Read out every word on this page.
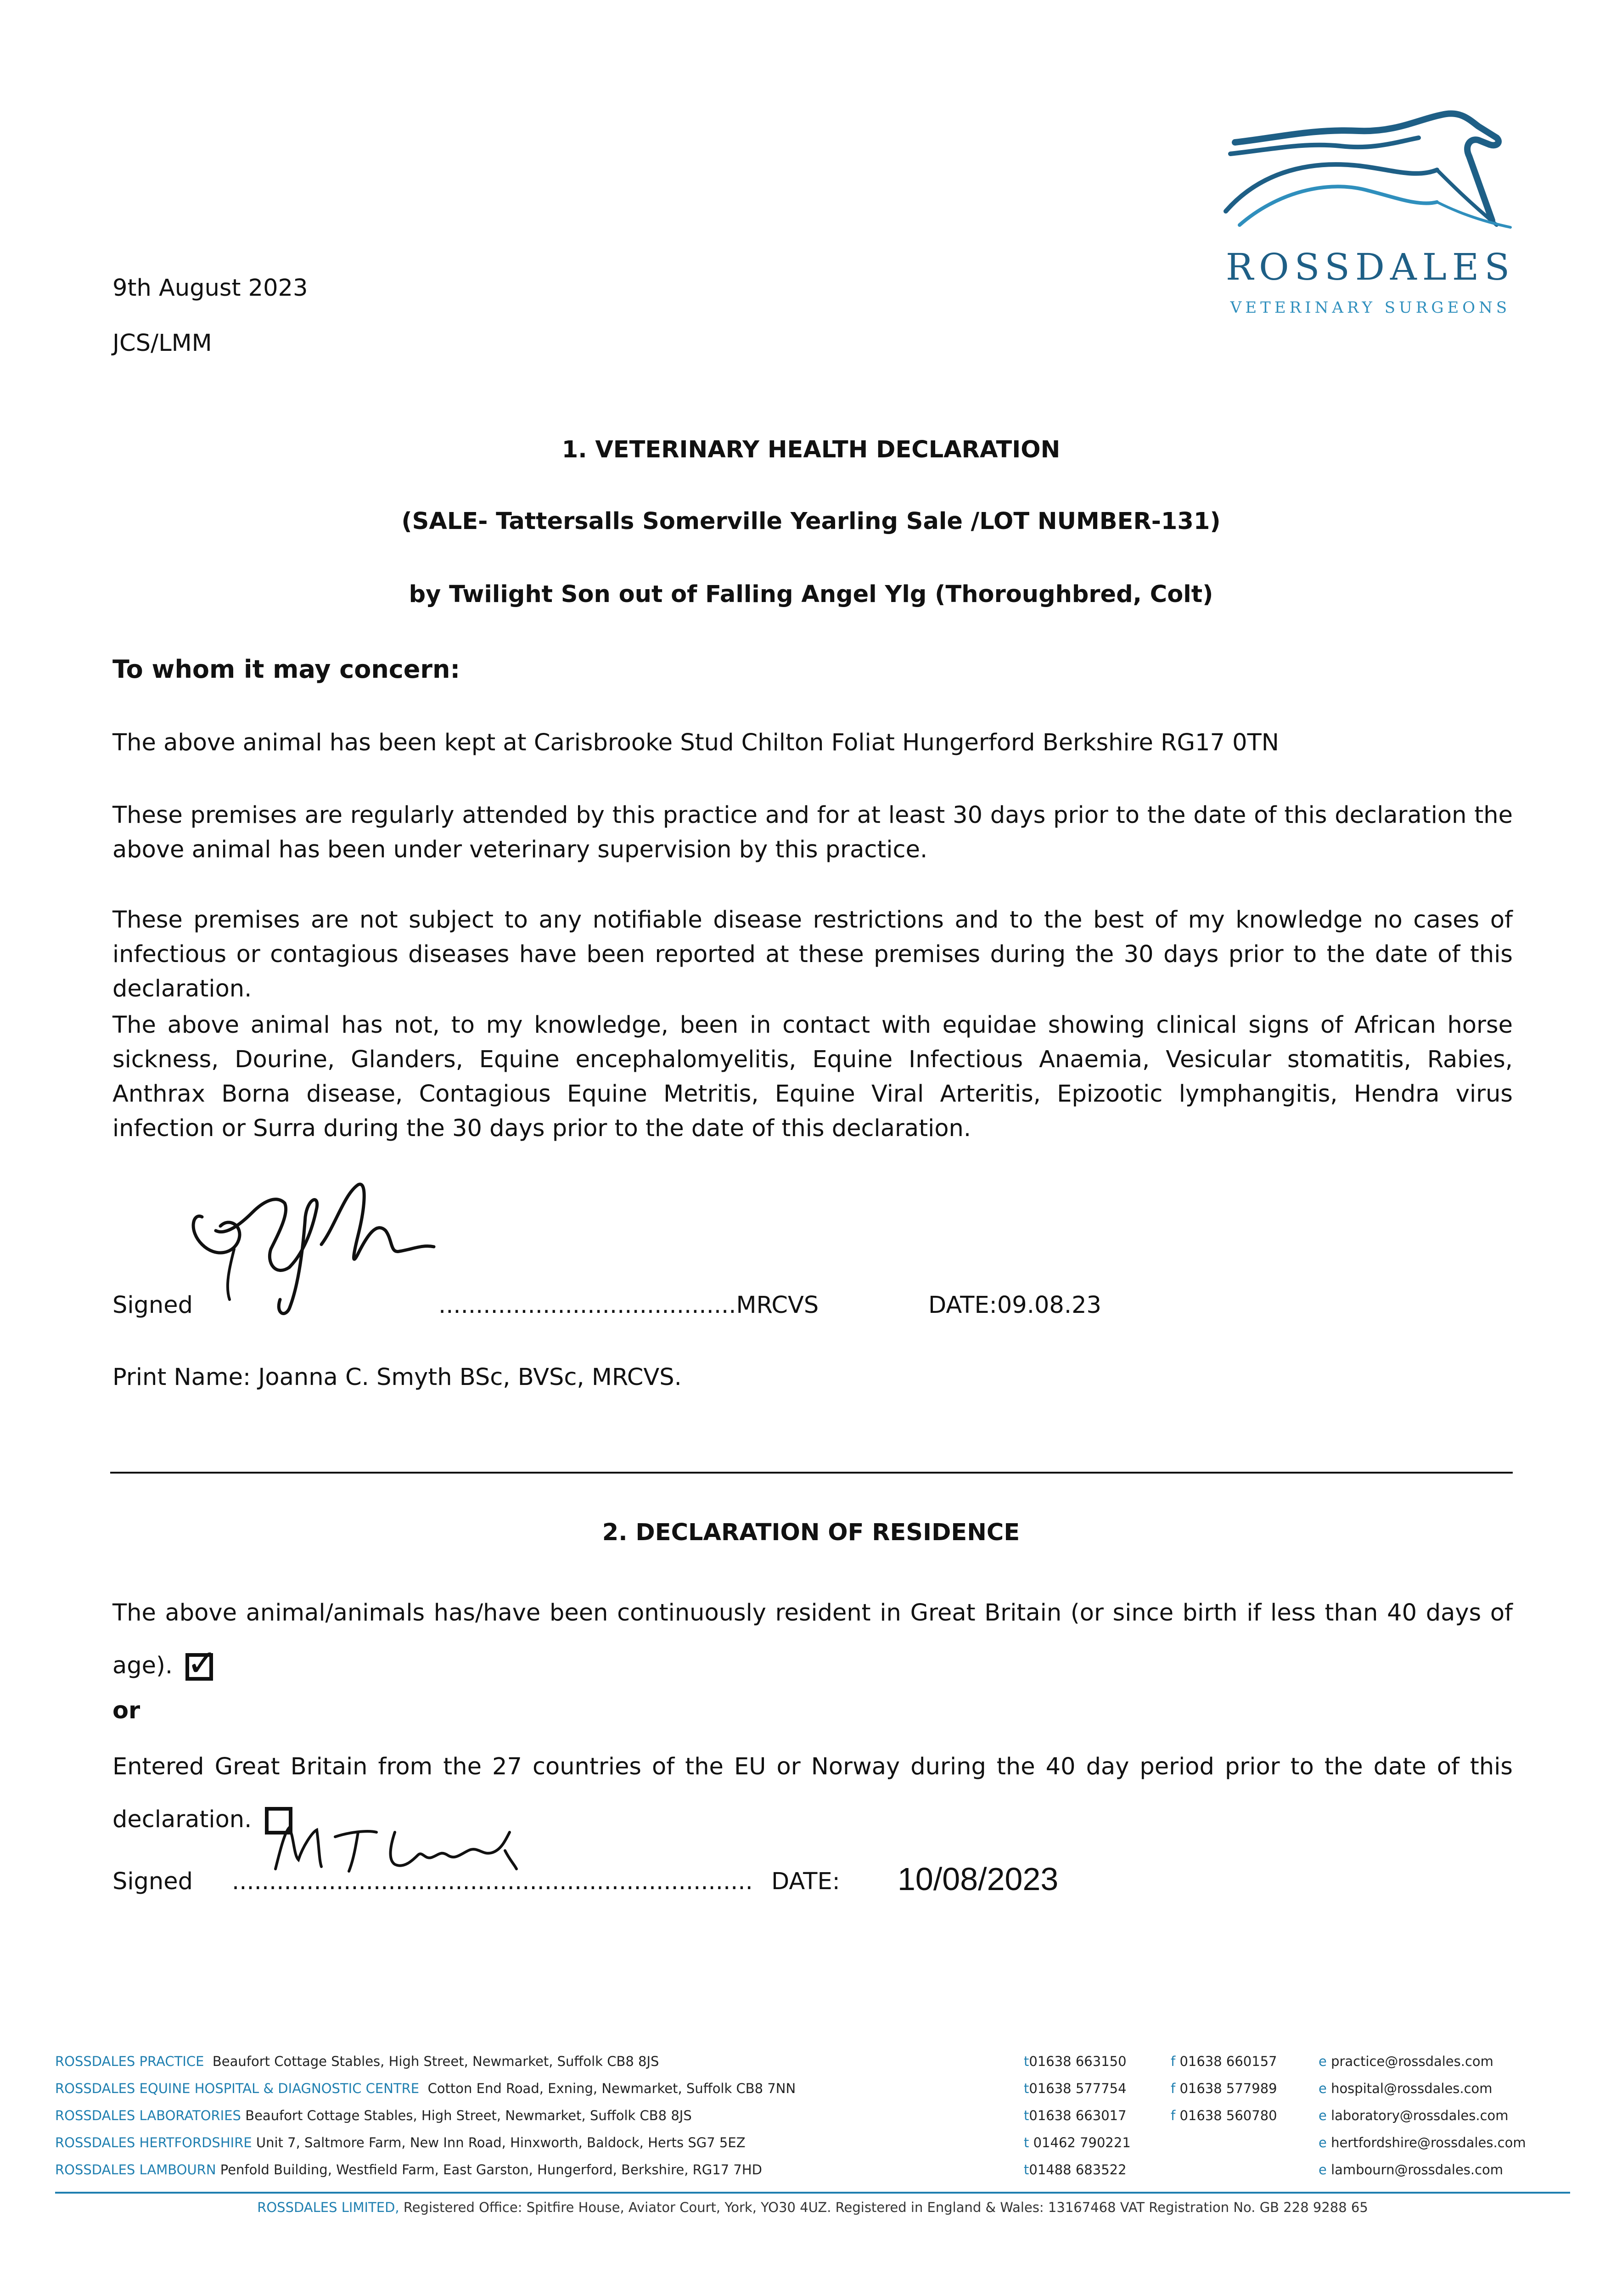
ROSSDALES
VETERINARY SURGEONS
9th August 2023
JCS/LMM
1. VETERINARY HEALTH DECLARATION
(SALE- Tattersalls Somerville Yearling Sale /LOT NUMBER-131)
by Twilight Son out of Falling Angel Ylg (Thoroughbred, Colt)
To whom it may concern:
The above animal has been kept at Carisbrooke Stud Chilton Foliat Hungerford Berkshire RG17 0TN
These premises are regularly attended by this practice and for at least 30 days prior to the date of this declaration the above animal has been under veterinary supervision by this practice.
These premises are not subject to any notifiable disease restrictions and to the best of my knowledge no cases of infectious or contagious diseases have been reported at these premises during the 30 days prior to the date of this declaration.
The above animal has not, to my knowledge, been in contact with equidae showing clinical signs of African horse sickness, Dourine, Glanders, Equine encephalomyelitis, Equine Infectious Anaemia, Vesicular stomatitis, Rabies, Anthrax Borna disease, Contagious Equine Metritis, Equine Viral Arteritis, Epizootic lymphangitis, Hendra virus infection or Surra during the 30 days prior to the date of this declaration.
Signed	........................................MRCVS	DATE:09.08.23
Print Name: Joanna C. Smyth BSc, BVSc, MRCVS.
2. DECLARATION OF RESIDENCE
The above animal/animals has/have been continuously resident in Great Britain (or since birth if less than 40 days of age). ✓
or
Entered Great Britain from the 27 countries of the EU or Norway during the 40 day period prior to the date of this declaration.
Signed ...................................................................... DATE: 10/08/2023
ROSSDALES PRACTICE Beaufort Cottage Stables, High Street, Newmarket, Suffolk CB8 8JS	t01638 663150	f 01638 660157	e practice@rossdales.com
ROSSDALES EQUINE HOSPITAL & DIAGNOSTIC CENTRE Cotton End Road, Exning, Newmarket, Suffolk CB8 7NN	t01638 577754	f 01638 577989	e hospital@rossdales.com
ROSSDALES LABORATORIES Beaufort Cottage Stables, High Street, Newmarket, Suffolk CB8 8JS	t01638 663017	f 01638 560780	e laboratory@rossdales.com
ROSSDALES HERTFORDSHIRE Unit 7, Saltmore Farm, New Inn Road, Hinxworth, Baldock, Herts SG7 5EZ	t 01462 790221	e hertfordshire@rossdales.com
ROSSDALES LAMBOURN Penfold Building, Westfield Farm, East Garston, Hungerford, Berkshire, RG17 7HD	t01488 683522	e lambourn@rossdales.com
ROSSDALES LIMITED, Registered Office: Spitfire House, Aviator Court, York, YO30 4UZ. Registered in England & Wales: 13167468 VAT Registration No. GB 228 9288 65
